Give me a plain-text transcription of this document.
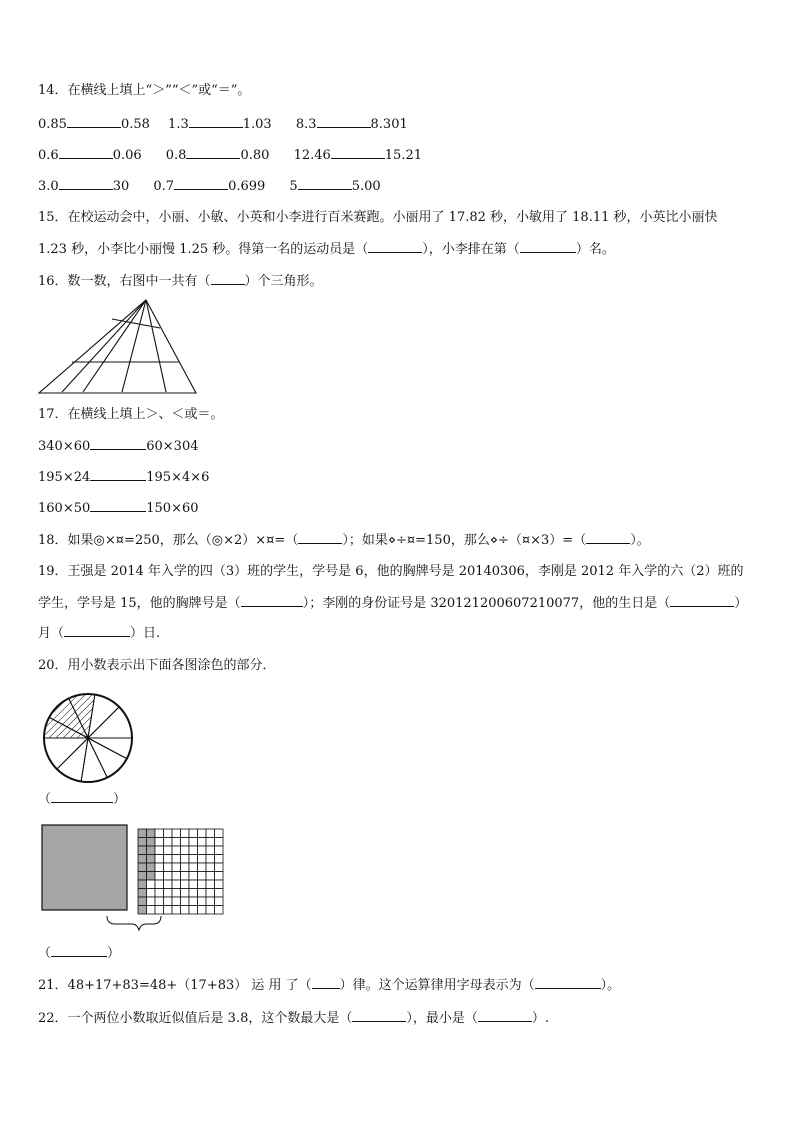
14．在横线上填上“＞”“＜”或“＝”。
0.85	0.58 1.3	1.03 8.3	8.301
0.6	0.06 0.8	0.80 12.46	15.21
3.0	30 0.7	0.699 5	5.00
15．在校运动会中，小丽、小敏、小英和小李进行百米赛跑。小丽用了 17.82 秒，小敏用了 18.11 秒，小英比小丽快
1.23 秒，小李比小丽慢 1.25 秒。得第一名的运动员是（	），小李排在第（	）名。
16．数一数，右图中一共有（	）个三角形。
17．在横线上填上＞、＜或＝。
340×60	60×304
195×24	195×4×6
160×50	150×60
18．如果◎×¤=250，那么（◎×2）×¤=（	）；如果⋄÷¤=150，那么⋄÷（¤×3）=（	）。
19．王强是 2014 年入学的四（3）班的学生，学号是 6，他的胸牌号是 20140306，李刚是 2012 年入学的六（2）班的
学生，学号是 15，他的胸牌号是（	）；李刚的身份证号是 320121200607210077，他的生日是（	）
月（	）日.
20．用小数表示出下面各图涂色的部分．
（	）
（	）
21．48+17+83=48+（17+83） 运 用 了（ ）律。这个运算律用字母表示为（	）。
22．一个两位小数取近似值后是 3.8，这个数最大是（	），最小是（	）.
